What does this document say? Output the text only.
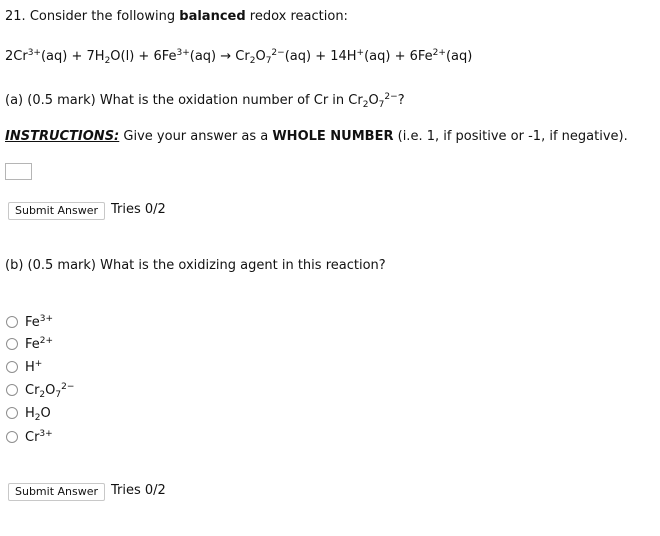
21. Consider the following balanced redox reaction:
$2Cr^{3+}(aq) + 7H_2O(l) + 6Fe^{3+}(aq) \to Cr_2O_7^{2-}(aq) + 14H^+(aq) + 6Fe^{2+}(aq)$
(a) (0.5 mark) What is the oxidation number of Cr in $Cr_2O_7^{2-}$?
INSTRUCTIONS: Give your answer as a WHOLE NUMBER (i.e. 1, if positive or -1, if negative).
Submit Answer Tries 0/2
(b) (0.5 mark) What is the oxidizing agent in this reaction?
$Fe^{3+}$
$Fe^{2+}$
H+
$Cr_2O_7^{2-}$
$H_2O$
$Cr^{3+}$
Submit Answer Tries 0/2
